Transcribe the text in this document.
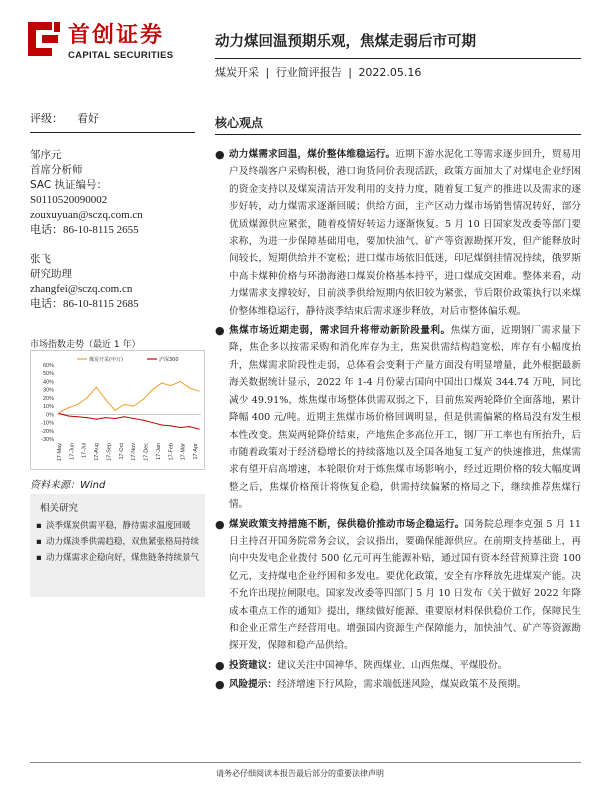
首创证券
CAPITAL SECURITIES
动力煤回温预期乐观，焦煤走弱后市可期
煤炭开采 | 行业简评报告 | 2022.05.16
评级： 看好
邹序元
首席分析师
SAC 执证编号：
S0110520090002
zouxuyuan@sczq.com.cn
电话：86-10-8115 2655
张飞
研究助理
zhangfei@sczq.com.cn
电话：86-10-8115 2685
市场指数走势（最近 1 年）
60%
50%
40%
30%
20%
10%
0%
-10%
-20%
-30%
17-May 17-Jun 17-Jul 17-Aug 17-Sep 17-Oct 17-Nov 17-Dec 17-Jan 17-Feb 17-Mar 17-Apr
煤炭开采(申万)	沪深300
资料来源：Wind
相关研究
▪ 淡季煤炭供需平稳，静待需求温度回暖
▪ 动力煤淡季供需趋稳，双焦紧张格局持续
▪ 动力煤需求企稳向好，煤焦链条持续景气
核心观点
● 动力煤需求回温，煤价整体维稳运行。近期下游水泥化工等需求逐步回升，贸易用户及终端客户采购积极，港口询货问价表现活跃，政策方面加大了对煤电企业纾困的资金支持以及煤炭清洁开发利用的支持力度，随着复工复产的推进以及需求的逐步好转，动力煤需求逐渐回暖；供给方面，主产区动力煤市场销售情况转好，部分优质煤源供应紧张，随着疫情好转运力逐渐恢复。5 月 10 日国家发改委等部门要求称，为进一步保障基础用电，要加快油气、矿产等资源勘探开发，但产能释放时间较长，短期供给并不宽松；进口煤市场依旧低迷，印尼煤倒挂情况持续，俄罗斯中高卡煤种价格与环渤海港口煤炭价格基本持平，进口煤成交困难。整体来看，动力煤需求支撑较好，目前淡季供给短期内依旧较为紧张，节后限价政策执行以来煤价整体维稳运行，静待淡季结束后需求逐步释放，对后市整体偏乐观。
● 焦煤市场近期走弱，需求回升将带动新阶段量利。焦煤方面，近期钢厂需求量下降，焦企多以按需采购和消化库存为主，焦炭供需结构趋宽松，库存有小幅度抬升，焦煤需求阶段性走弱，总体看会变剩于产量方面没有明显增量，此外根据最新海关数据统计显示，2022 年 1-4 月份蒙古国向中国出口煤炭 344.74 万吨，同比减少 49.91%，炼焦煤市场整体供需双弱之下，目前焦炭两轮降价全面落地，累计降幅 400 元/吨。近期主焦煤市场价格回调明显，但是供需偏紧的格局没有发生根本性改变。焦炭两轮降价结束，产地焦企多高位开工，钢厂开工率也有所抬升，后市随着政策对于经济稳增长的持续落地以及全国各地复工复产的快速推进，焦煤需求有望开启高增速，本轮限价对于炼焦煤市场影响小，经过近期价格的较大幅度调整之后，焦煤价格预计将恢复企稳，供需持续偏紧的格局之下，继续推荐焦煤行情。
● 煤炭政策支持措施不断，保供稳价推动市场企稳运行。国务院总理李克强 5 月 11 日主持召开国务院常务会议，会议指出，要确保能源供应。在前期支持基础上，再向中央发电企业拨付 500 亿元可再生能源补贴，通过国有资本经营预算注资 100 亿元，支持煤电企业纾困和多发电。要优化政策，安全有序释放先进煤炭产能。决不允许出现拉闸限电。国家发改委等四部门 5 月 10 日发布《关于做好 2022 年降成本重点工作的通知》提出，继续做好能源、重要原材料保供稳价工作，保障民生和企业正常生产经营用电。增强国内资源生产保障能力，加快油气、矿产等资源勘探开发，保障和稳产品供给。
● 投资建议：建议关注中国神华、陕西煤业、山西焦煤、平煤股份。
● 风险提示：经济增速下行风险，需求端低迷风险，煤炭政策不及预期。
请务必仔细阅读本报告最后部分的重要法律声明
